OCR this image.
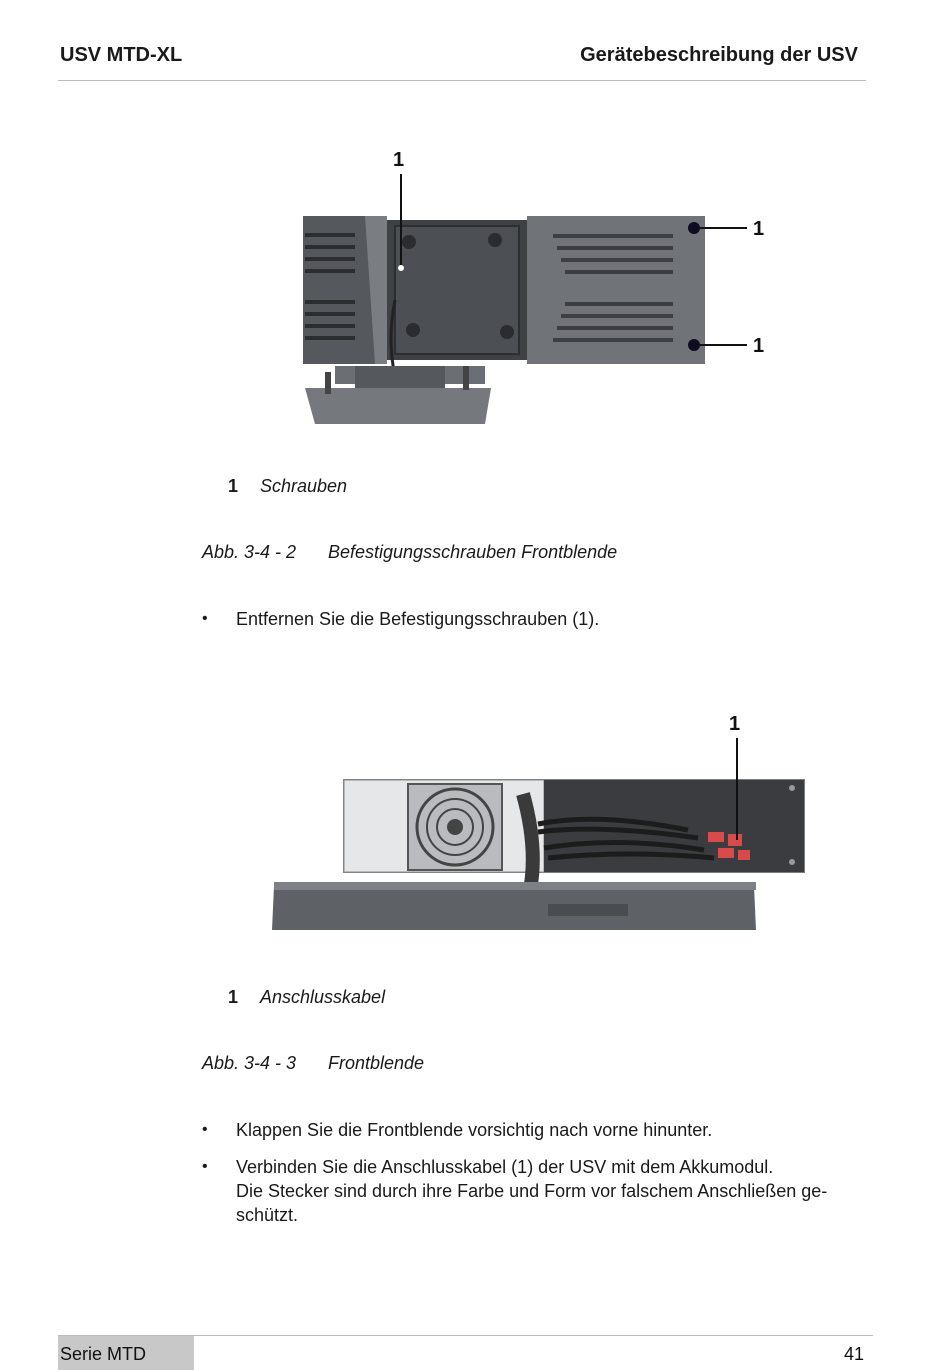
USV MTD-XL	Gerätebeschreibung der USV
1
1
1
1 Schrauben
Abb. 3-4 - 2 Befestigungsschrauben Frontblende
• Entfernen Sie die Befestigungsschrauben (1).
1
1 Anschlusskabel
Abb. 3-4 - 3 Frontblende
• Klappen Sie die Frontblende vorsichtig nach vorne hinunter.
• Verbinden Sie die Anschlusskabel (1) der USV mit dem Akkumodul.
Die Stecker sind durch ihre Farbe und Form vor falschem Anschließen ge-
schützt.
Serie MTD	41
